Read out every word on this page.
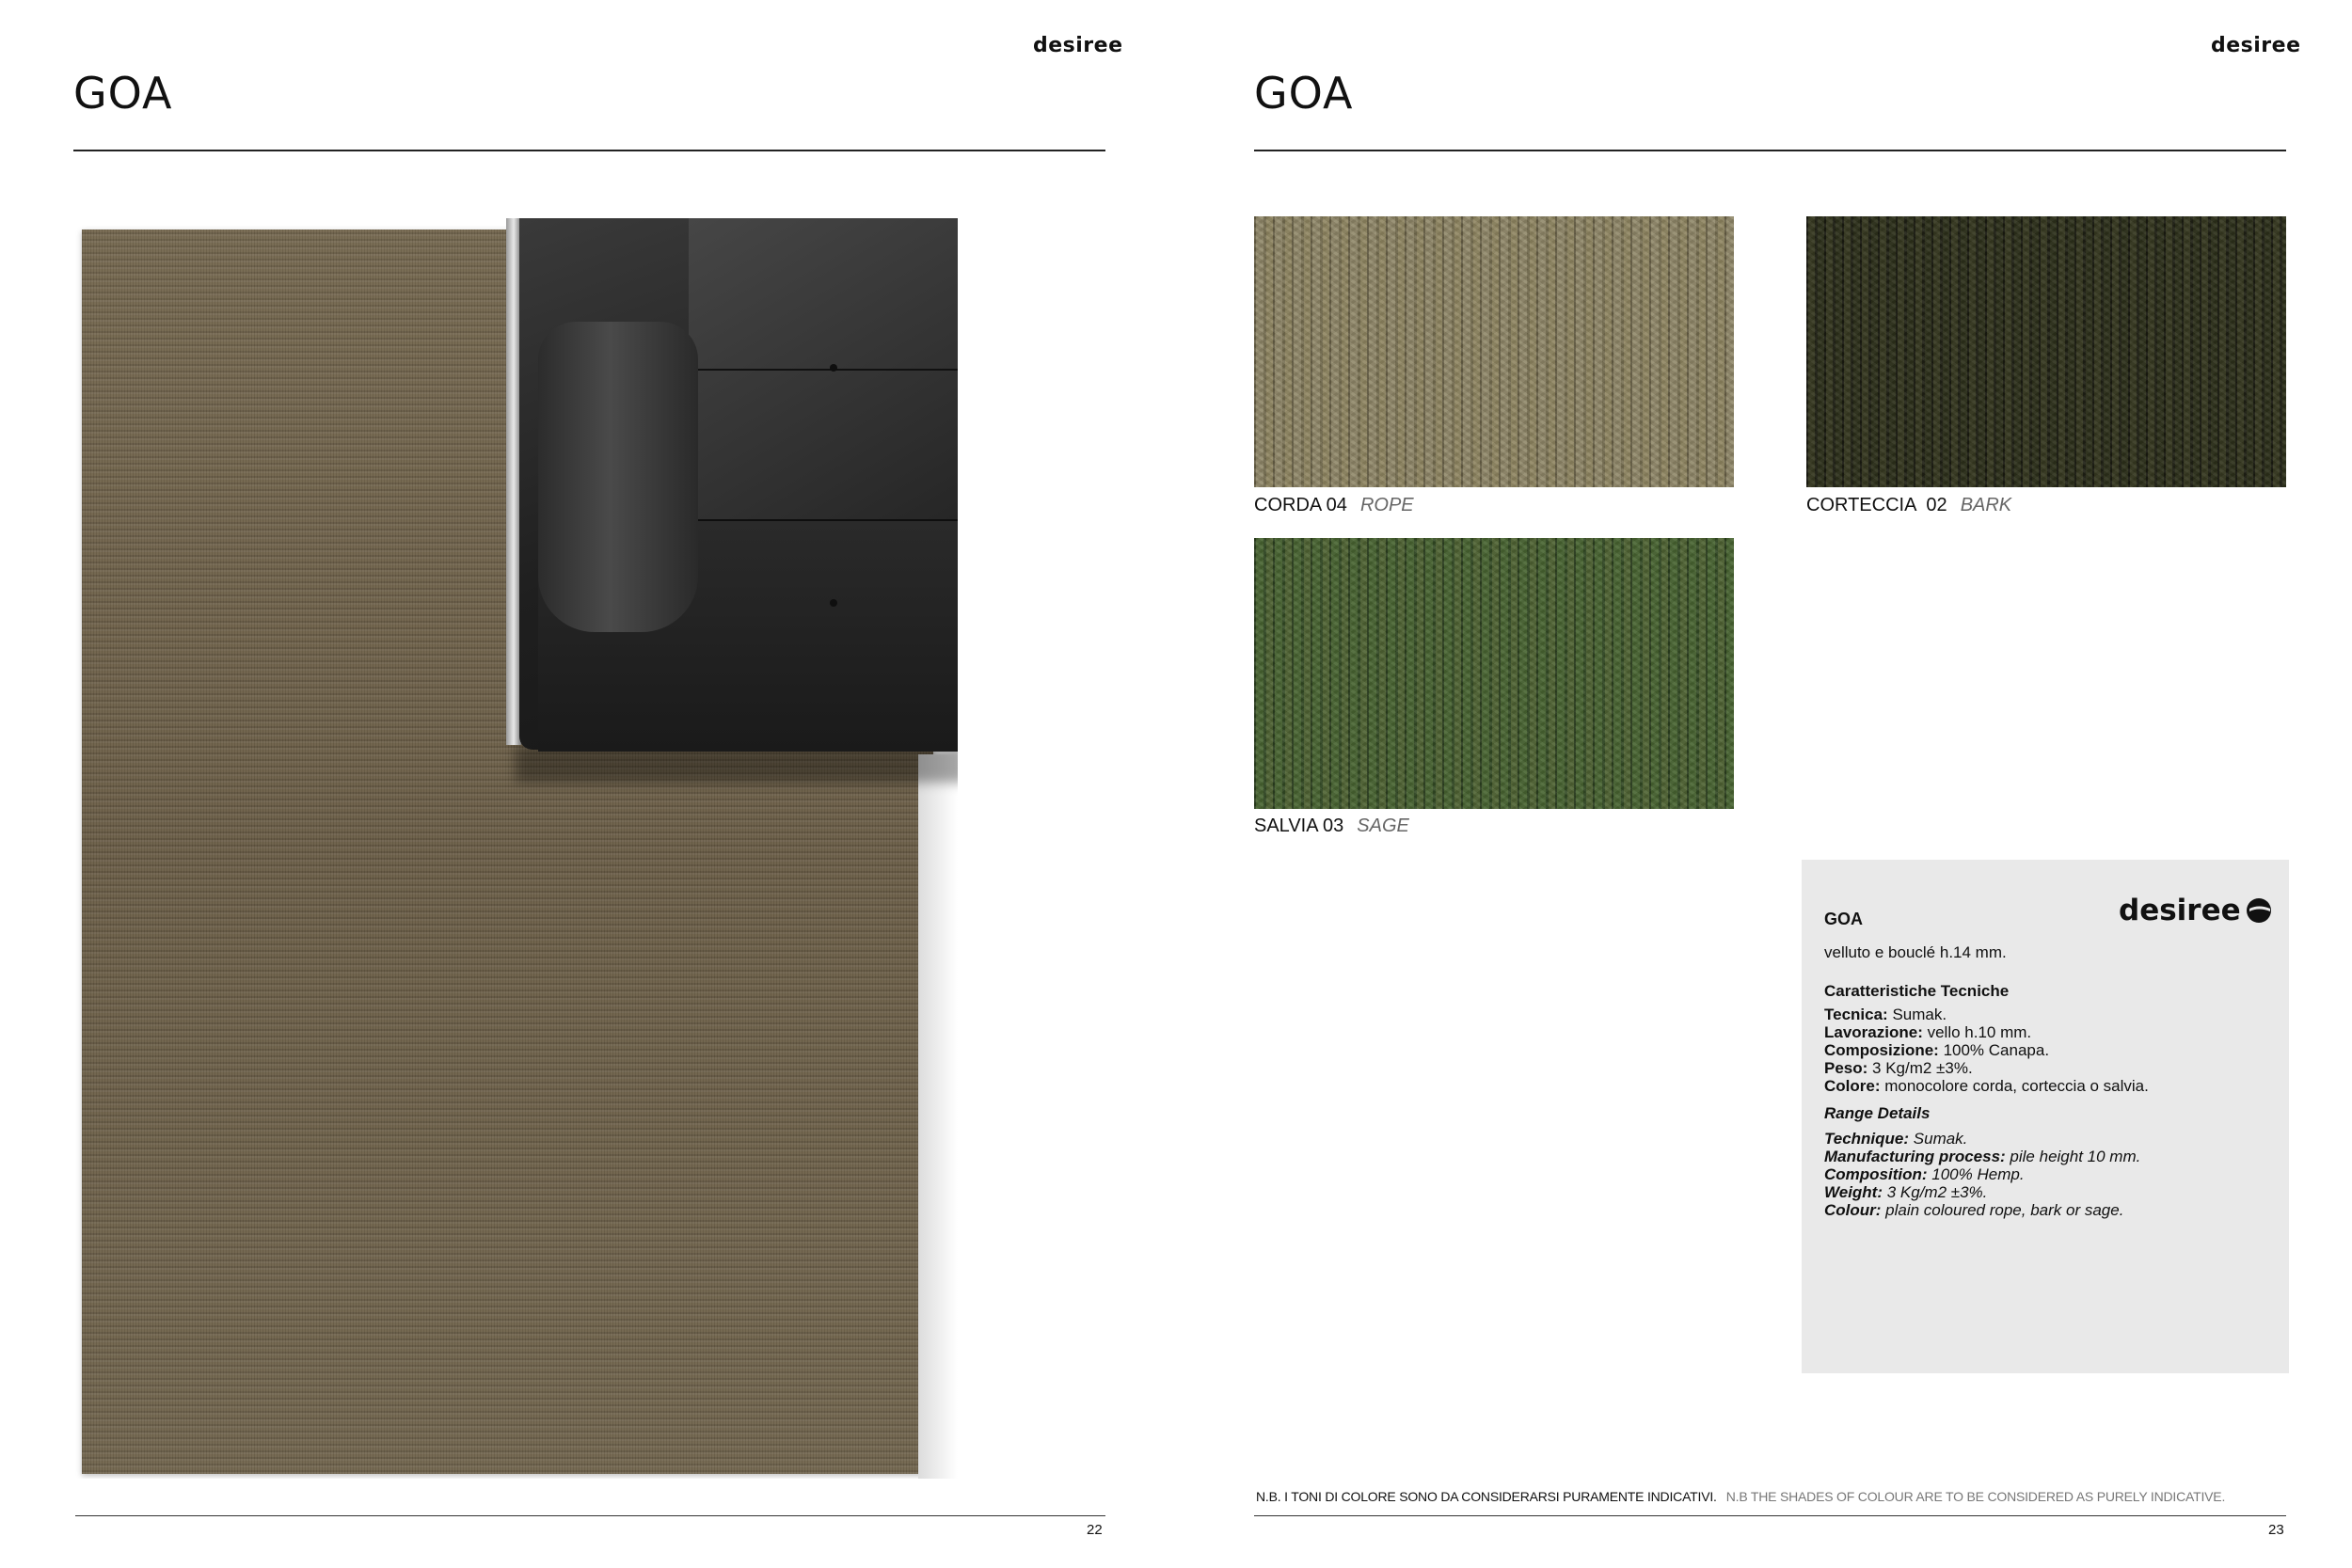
desiree
GOA
22
desiree
GOA
CORDA 04 ROPE	CORTECCIA  02 BARK
SALVIA 03 SAGE
desiree
GOA
velluto e bouclé h.14 mm.
Caratteristiche Tecniche
Tecnica: Sumak.
Lavorazione: vello h.10 mm.
Composizione: 100% Canapa.
Peso: 3 Kg/m2 ±3%.
Colore: monocolore corda, corteccia o salvia.
Range Details
Technique: Sumak.
Manufacturing process: pile height 10 mm.
Composition: 100% Hemp.
Weight: 3 Kg/m2 ±3%.
Colour: plain coloured rope, bark or sage.
N.B. I TONI DI COLORE SONO DA CONSIDERARSI PURAMENTE INDICATIVI. N.B THE SHADES OF COLOUR ARE TO BE CONSIDERED AS PURELY INDICATIVE.
23
